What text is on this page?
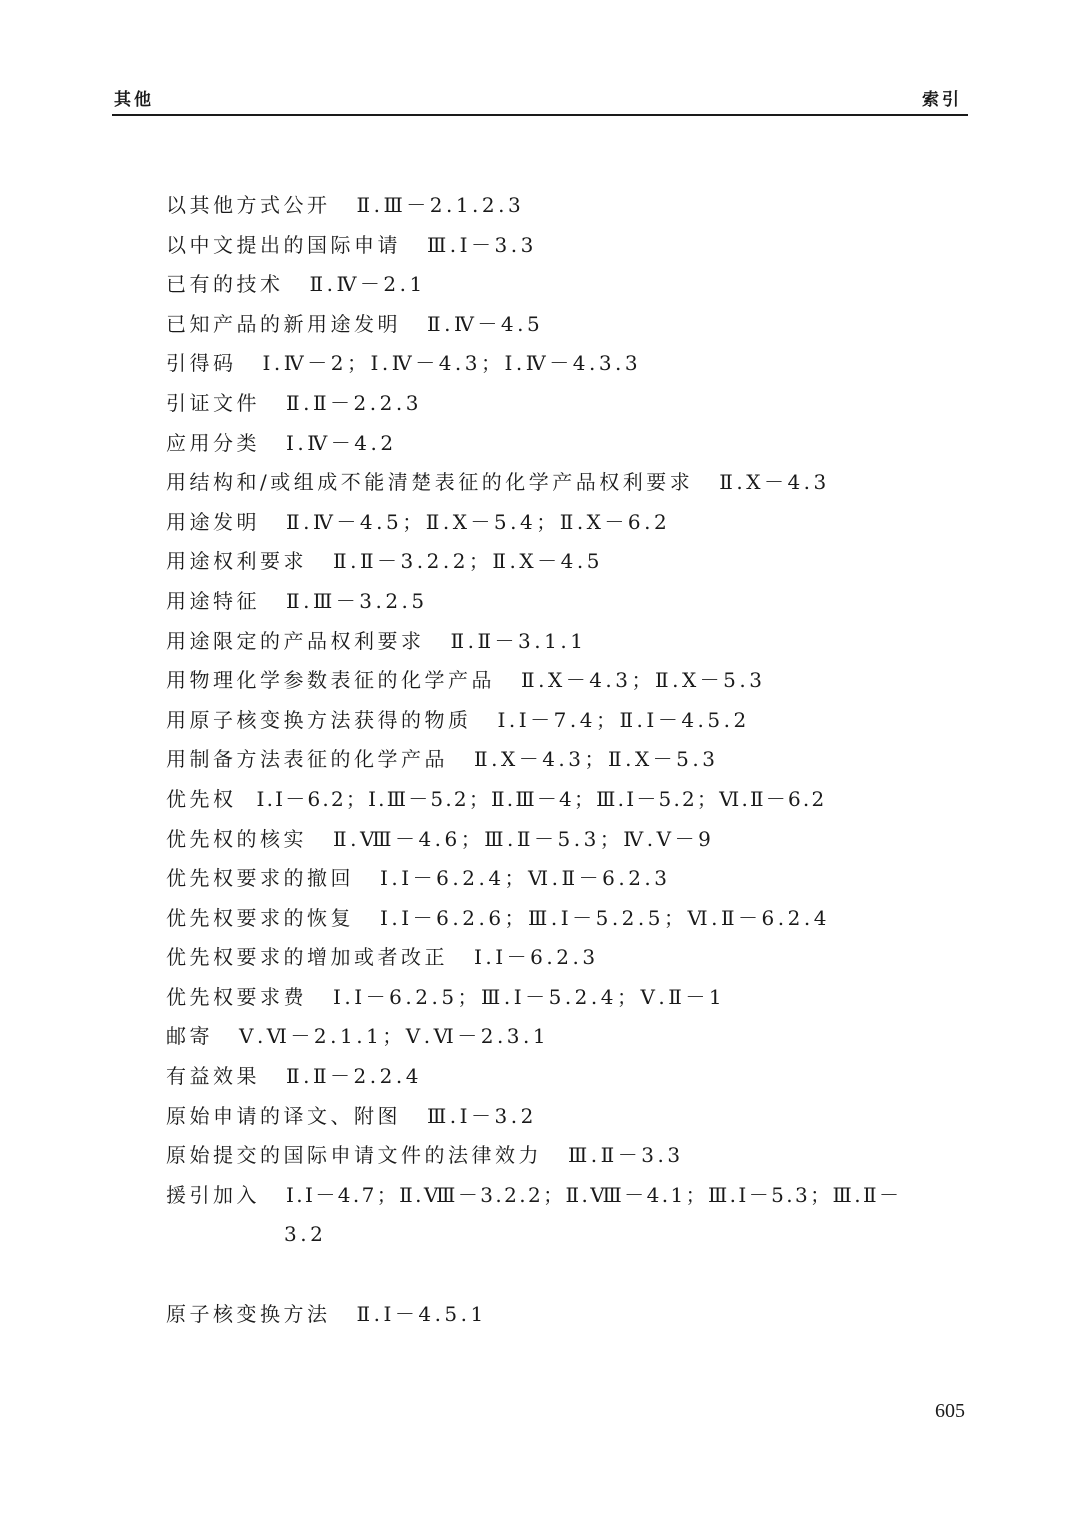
其他	索引
以其他方式公开 Ⅱ.Ⅲ－2.1.2.3
以中文提出的国际申请 Ⅲ.Ⅰ－3.3
已有的技术 Ⅱ.Ⅳ－2.1
已知产品的新用途发明 Ⅱ.Ⅳ－4.5
引得码 Ⅰ.Ⅳ－2；Ⅰ.Ⅳ－4.3；Ⅰ.Ⅳ－4.3.3
引证文件 Ⅱ.Ⅱ－2.2.3
应用分类 Ⅰ.Ⅳ－4.2
用结构和/或组成不能清楚表征的化学产品权利要求 Ⅱ.Ⅹ－4.3
用途发明 Ⅱ.Ⅳ－4.5；Ⅱ.Ⅹ－5.4；Ⅱ.Ⅹ－6.2
用途权利要求 Ⅱ.Ⅱ－3.2.2；Ⅱ.Ⅹ－4.5
用途特征 Ⅱ.Ⅲ－3.2.5
用途限定的产品权利要求 Ⅱ.Ⅱ－3.1.1
用物理化学参数表征的化学产品 Ⅱ.Ⅹ－4.3；Ⅱ.Ⅹ－5.3
用原子核变换方法获得的物质 Ⅰ.Ⅰ－7.4；Ⅱ.Ⅰ－4.5.2
用制备方法表征的化学产品 Ⅱ.Ⅹ－4.3；Ⅱ.Ⅹ－5.3
优先权 Ⅰ.Ⅰ－6.2；Ⅰ.Ⅲ－5.2；Ⅱ.Ⅲ－4；Ⅲ.Ⅰ－5.2；Ⅵ.Ⅱ－6.2
优先权的核实 Ⅱ.Ⅷ－4.6；Ⅲ.Ⅱ－5.3；Ⅳ.Ⅴ－9
优先权要求的撤回 Ⅰ.Ⅰ－6.2.4；Ⅵ.Ⅱ－6.2.3
优先权要求的恢复 Ⅰ.Ⅰ－6.2.6；Ⅲ.Ⅰ－5.2.5；Ⅵ.Ⅱ－6.2.4
优先权要求的增加或者改正 Ⅰ.Ⅰ－6.2.3
优先权要求费 Ⅰ.Ⅰ－6.2.5；Ⅲ.Ⅰ－5.2.4；Ⅴ.Ⅱ－1
邮寄 Ⅴ.Ⅵ－2.1.1；Ⅴ.Ⅵ－2.3.1
有益效果 Ⅱ.Ⅱ－2.2.4
原始申请的译文、附图 Ⅲ.Ⅰ－3.2
原始提交的国际申请文件的法律效力 Ⅲ.Ⅱ－3.3
援引加入 Ⅰ.Ⅰ－4.7；Ⅱ.Ⅷ－3.2.2；Ⅱ.Ⅷ－4.1；Ⅲ.Ⅰ－5.3；Ⅲ.Ⅱ－
3.2
原子核变换方法 Ⅱ.Ⅰ－4.5.1
605
